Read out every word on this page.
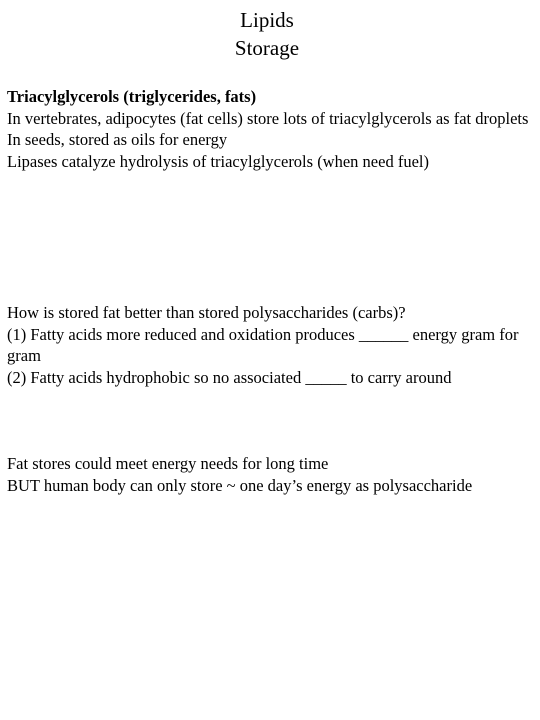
Lipids
Storage
Triacylglycerols (triglycerides, fats)
In vertebrates, adipocytes (fat cells) store lots of triacylglycerols as fat droplets
In seeds, stored as oils for energy
Lipases catalyze hydrolysis of triacylglycerols (when need fuel)
How is stored fat better than stored polysaccharides (carbs)?
(1) Fatty acids more reduced and oxidation produces ______ energy gram for gram
(2) Fatty acids hydrophobic so no associated _____ to carry around
Fat stores could meet energy needs for long time
BUT human body can only store ~ one day’s energy as polysaccharide
